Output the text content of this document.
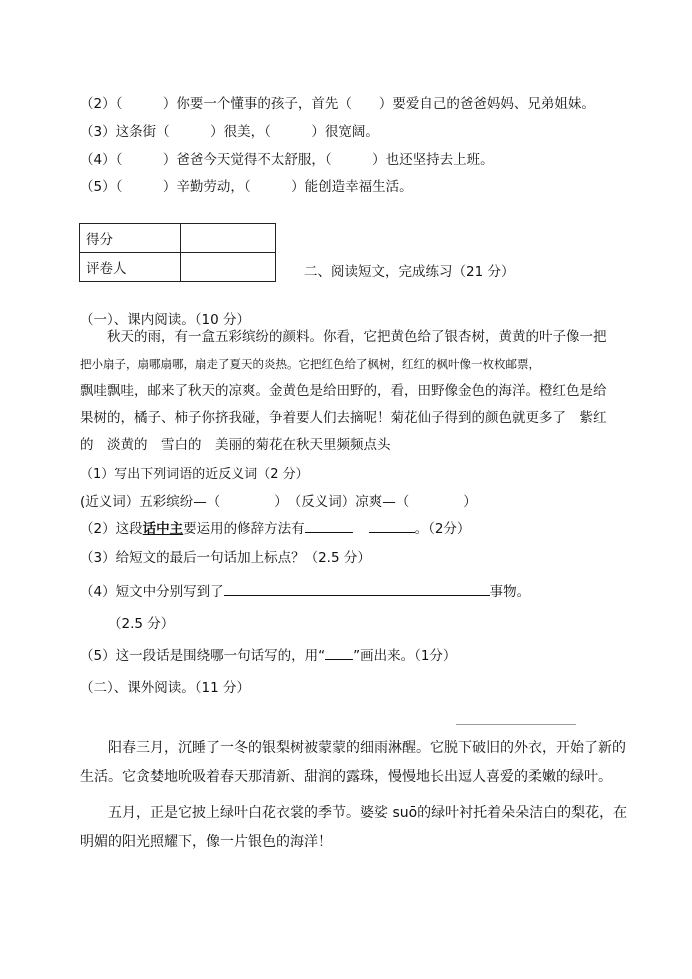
（2）（　　　）你要一个懂事的孩子，首先（　　）要爱自己的爸爸妈妈、兄弟姐妹。
（3）这条街（　　　）很美，（　　　）很宽阔。
（4）（　　　）爸爸今天觉得不太舒服，（　　　）也还坚持去上班。
（5）（　　　）辛勤劳动，（　　　）能创造幸福生活。
得分	
评卷人		二、阅读短文，完成练习（21 分）
（一）、课内阅读。（10 分）
　　秋天的雨，有一盒五彩缤纷的颜料。你看，它把黄色给了银杏树，黄黄的叶子像一把
把小扇子，扇哪扇哪，扇走了夏天的炎热。它把红色给了枫树，红红的枫叶像一枚枚邮票，
飘哇飘哇，邮来了秋天的凉爽。金黄色是给田野的，看，田野像金色的海洋。橙红色是给
果树的，橘子、柿子你挤我碰，争着要人们去摘呢！菊花仙子得到的颜色就更多了　紫红
的　淡黄的　雪白的　美丽的菊花在秋天里频频点头
（1）写出下列词语的近反义词（2 分）
(近义词）五彩缤纷—（　　　　）　（反义词）凉爽—（　　　　）
（2）这段话中主要运用的修辞方法有	。（2分）
（3）给短文的最后一句话加上标点？（2.5 分）
（4）短文中分别写到了	事物。
（2.5 分）
（5）这一段话是围绕哪一句话写的，用“ ”画出来。（1分）
（二）、课外阅读。（11 分）
　　阳春三月，沉睡了一冬的银梨树被蒙蒙的细雨淋醒。它脱下破旧的外衣，开始了新的
生活。它贪婪地吮吸着春天那清新、甜润的露珠，慢慢地长出逗人喜爱的柔嫩的绿叶。
　　五月，正是它披上绿叶白花衣裳的季节。婆娑 suō的绿叶衬托着朵朵洁白的梨花，在
明媚的阳光照耀下，像一片银色的海洋！
